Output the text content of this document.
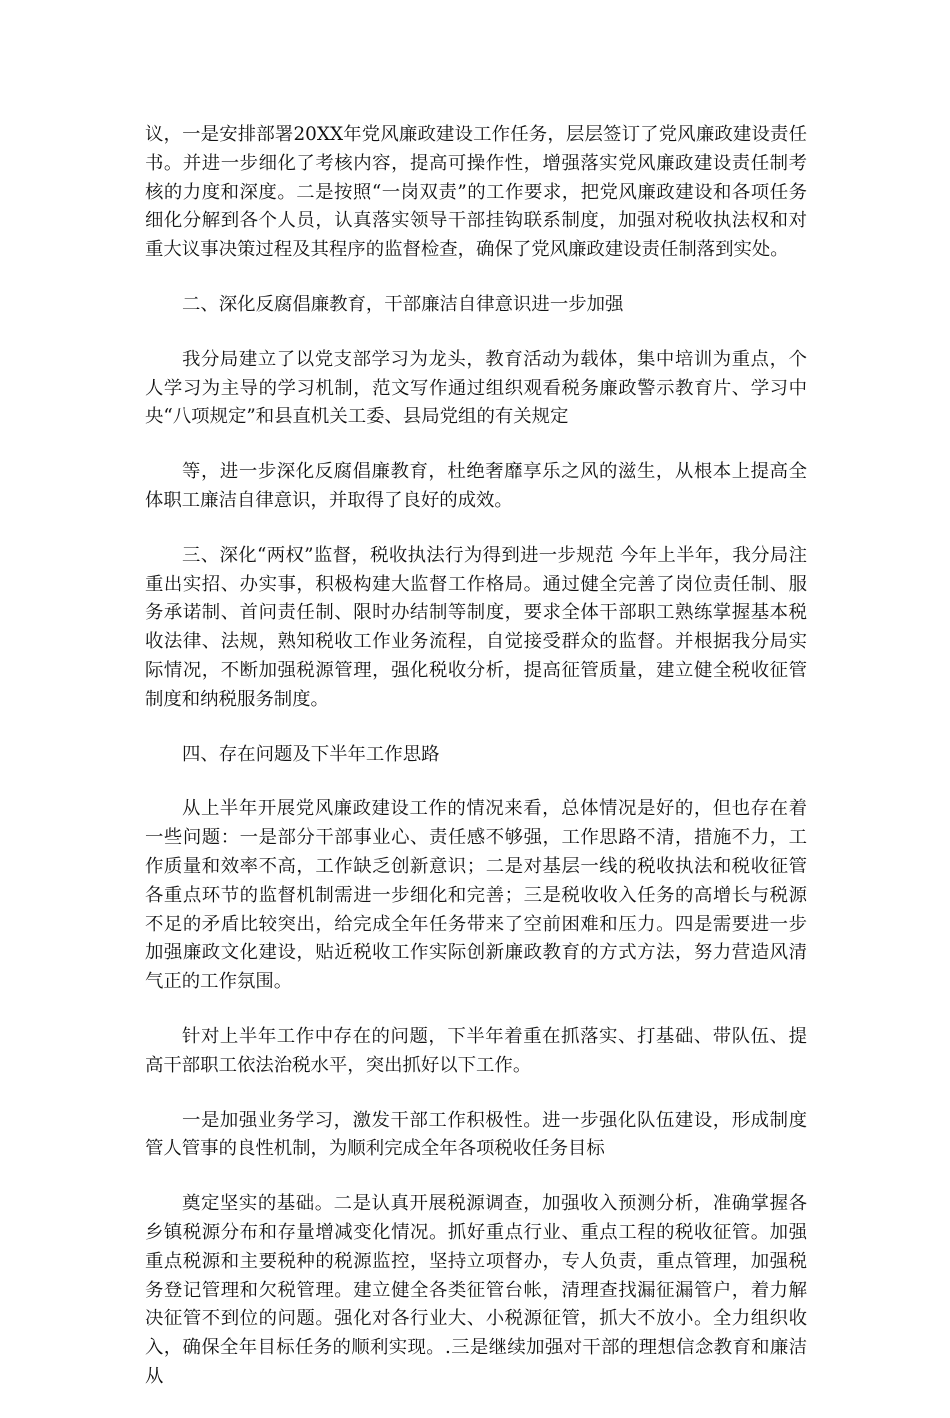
议，一是安排部署20XX年党风廉政建设工作任务，层层签订了党风廉政建设责任书。并进一步细化了考核内容，提高可操作性，增强落实党风廉政建设责任制考核的力度和深度。二是按照“一岗双责”的工作要求，把党风廉政建设和各项任务细化分解到各个人员，认真落实领导干部挂钩联系制度，加强对税收执法权和对重大议事决策过程及其程序的监督检查，确保了党风廉政建设责任制落到实处。

二、深化反腐倡廉教育，干部廉洁自律意识进一步加强

我分局建立了以党支部学习为龙头，教育活动为载体，集中培训为重点，个人学习为主导的学习机制，范文写作通过组织观看税务廉政警示教育片、学习中央“八项规定”和县直机关工委、县局党组的有关规定

等，进一步深化反腐倡廉教育，杜绝奢靡享乐之风的滋生，从根本上提高全体职工廉洁自律意识，并取得了良好的成效。

三、深化“两权”监督，税收执法行为得到进一步规范 今年上半年，我分局注重出实招、办实事，积极构建大监督工作格局。通过健全完善了岗位责任制、服务承诺制、首问责任制、限时办结制等制度，要求全体干部职工熟练掌握基本税收法律、法规，熟知税收工作业务流程，自觉接受群众的监督。并根据我分局实际情况，不断加强税源管理，强化税收分析，提高征管质量，建立健全税收征管制度和纳税服务制度。

四、存在问题及下半年工作思路

从上半年开展党风廉政建设工作的情况来看，总体情况是好的，但也存在着一些问题：一是部分干部事业心、责任感不够强，工作思路不清，措施不力，工作质量和效率不高，工作缺乏创新意识；二是对基层一线的税收执法和税收征管各重点环节的监督机制需进一步细化和完善；三是税收收入任务的高增长与税源不足的矛盾比较突出，给完成全年任务带来了空前困难和压力。四是需要进一步加强廉政文化建设，贴近税收工作实际创新廉政教育的方式方法，努力营造风清气正的工作氛围。

针对上半年工作中存在的问题，下半年着重在抓落实、打基础、带队伍、提高干部职工依法治税水平，突出抓好以下工作。

一是加强业务学习，激发干部工作积极性。进一步强化队伍建设，形成制度管人管事的良性机制，为顺利完成全年各项税收任务目标

奠定坚实的基础。二是认真开展税源调查，加强收入预测分析，准确掌握各乡镇税源分布和存量增减变化情况。抓好重点行业、重点工程的税收征管。加强重点税源和主要税种的税源监控，坚持立项督办，专人负责，重点管理，加强税务登记管理和欠税管理。建立健全各类征管台帐，清理查找漏征漏管户，着力解决征管不到位的问题。强化对各行业大、小税源征管，抓大不放小。全力组织收入，确保全年目标任务的顺利实现。.三是继续加强对干部的理想信念教育和廉洁从
